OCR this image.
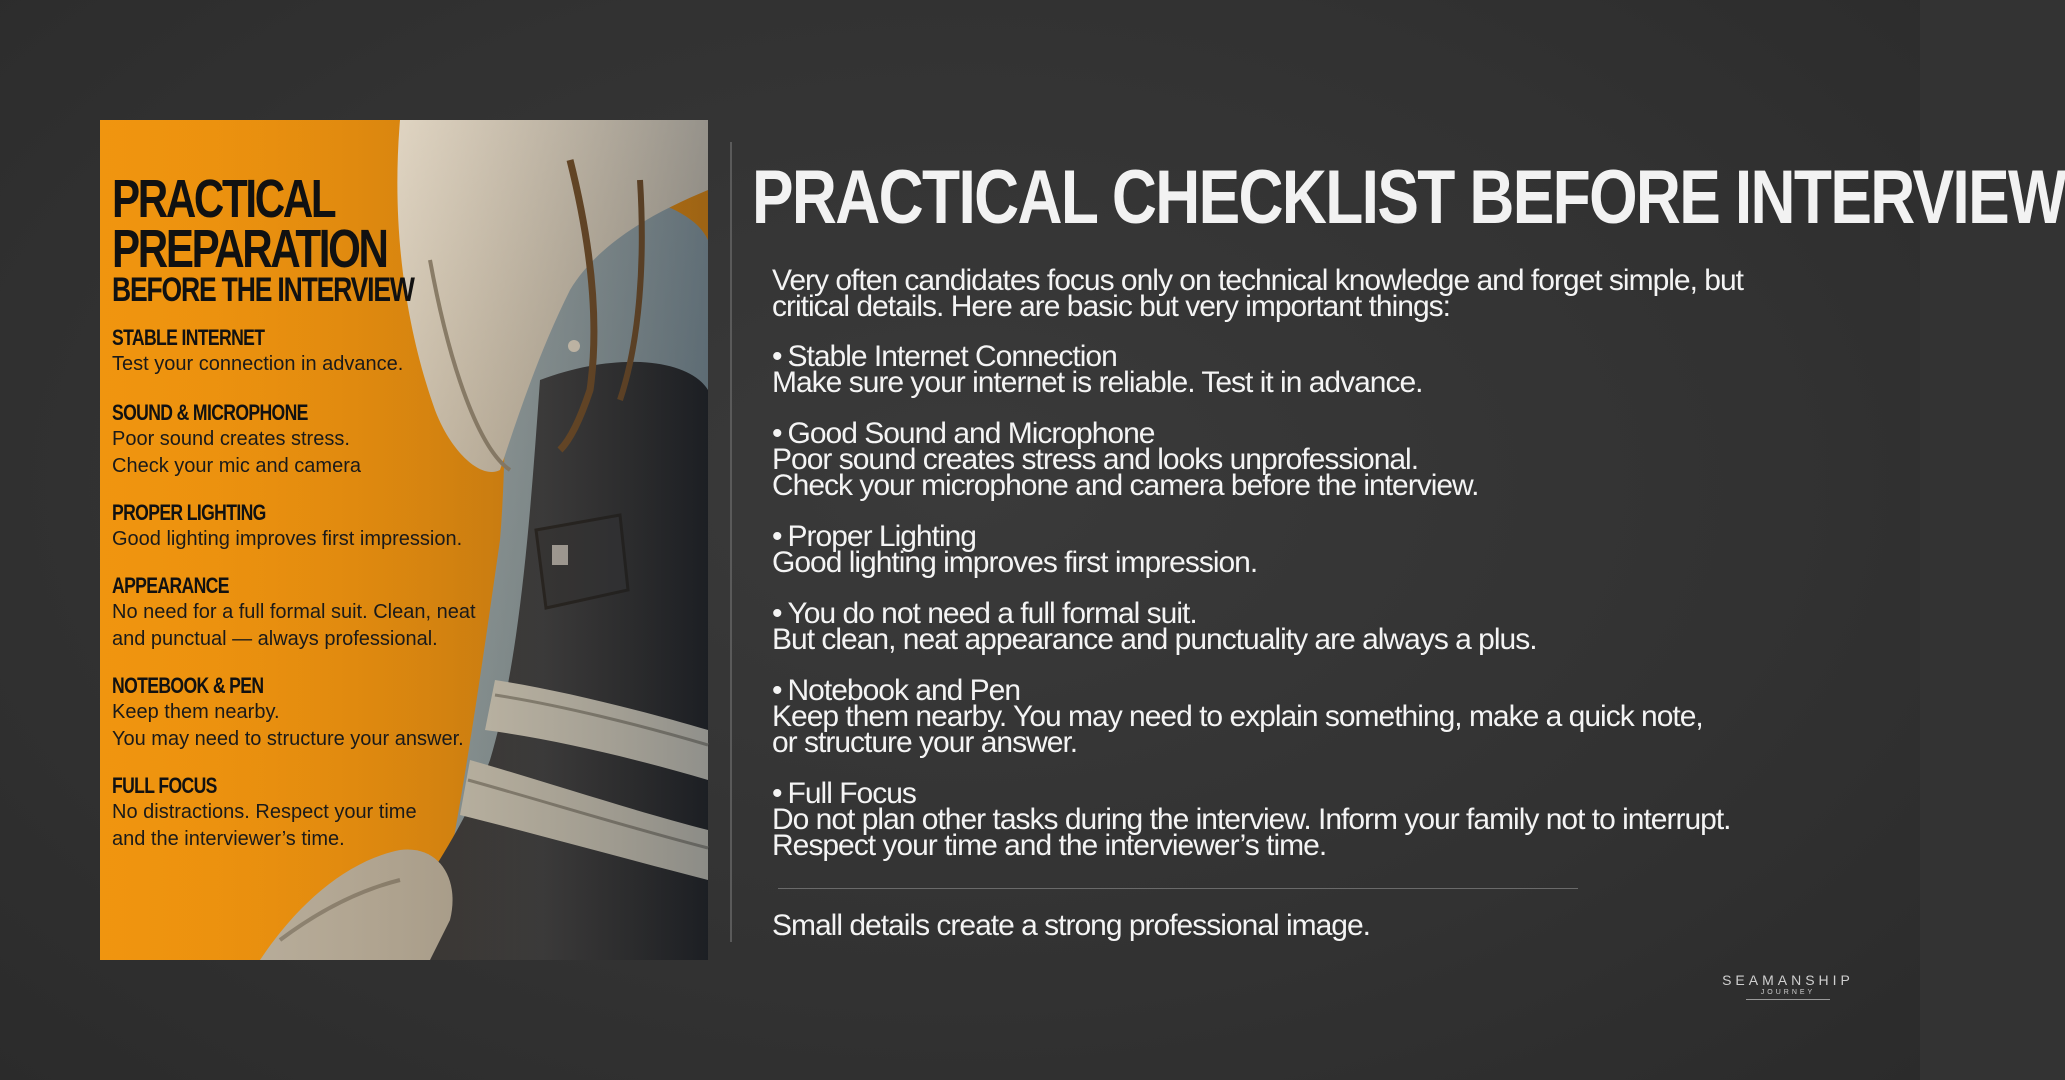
PRACTICAL
PREPARATION
BEFORE THE INTERVIEW
STABLE INTERNET
Test your connection in advance.
SOUND & MICROPHONE
Poor sound creates stress.
Check your mic and camera
PROPER LIGHTING
Good lighting improves first impression.
APPEARANCE
No need for a full formal suit. Clean, neat
and punctual — always professional.
NOTEBOOK & PEN
Keep them nearby.
You may need to structure your answer.
FULL FOCUS
No distractions. Respect your time
and the interviewer’s time.
PRACTICAL CHECKLIST BEFORE INTERVIEW
Very often candidates focus only on technical knowledge and forget simple, but
critical details. Here are basic but very important things:
• Stable Internet Connection
Make sure your internet is reliable. Test it in advance.
• Good Sound and Microphone
Poor sound creates stress and looks unprofessional.
Check your microphone and camera before the interview.
• Proper Lighting
Good lighting improves first impression.
• You do not need a full formal suit.
But clean, neat appearance and punctuality are always a plus.
• Notebook and Pen
Keep them nearby. You may need to explain something, make a quick note,
or structure your answer.
• Full Focus
Do not plan other tasks during the interview. Inform your family not to interrupt.
Respect your time and the interviewer’s time.
Small details create a strong professional image.
SEAMANSHIP
JOURNEY
